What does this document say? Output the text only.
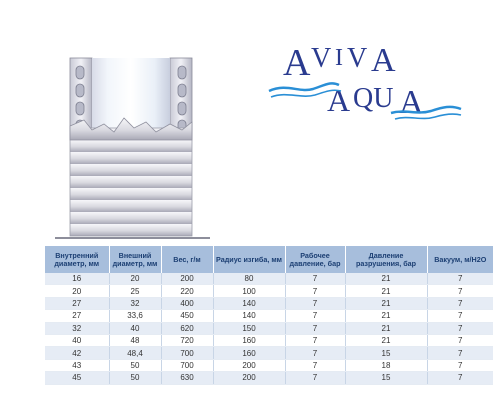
A V I V A
A QU A
Внутренний диаметр, мм	Внешний диаметр, мм	Вес, г/м	Радиус изгиба, мм	Рабочее давление, бар	Давление разрушения, бар	Вакуум, м/H2O
16	20	200	80	7	21	7
20	25	220	100	7	21	7
27	32	400	140	7	21	7
27	33,6	450	140	7	21	7
32	40	620	150	7	21	7
40	48	720	160	7	21	7
42	48,4	700	160	7	15	7
43	50	700	200	7	18	7
45	50	630	200	7	15	7
